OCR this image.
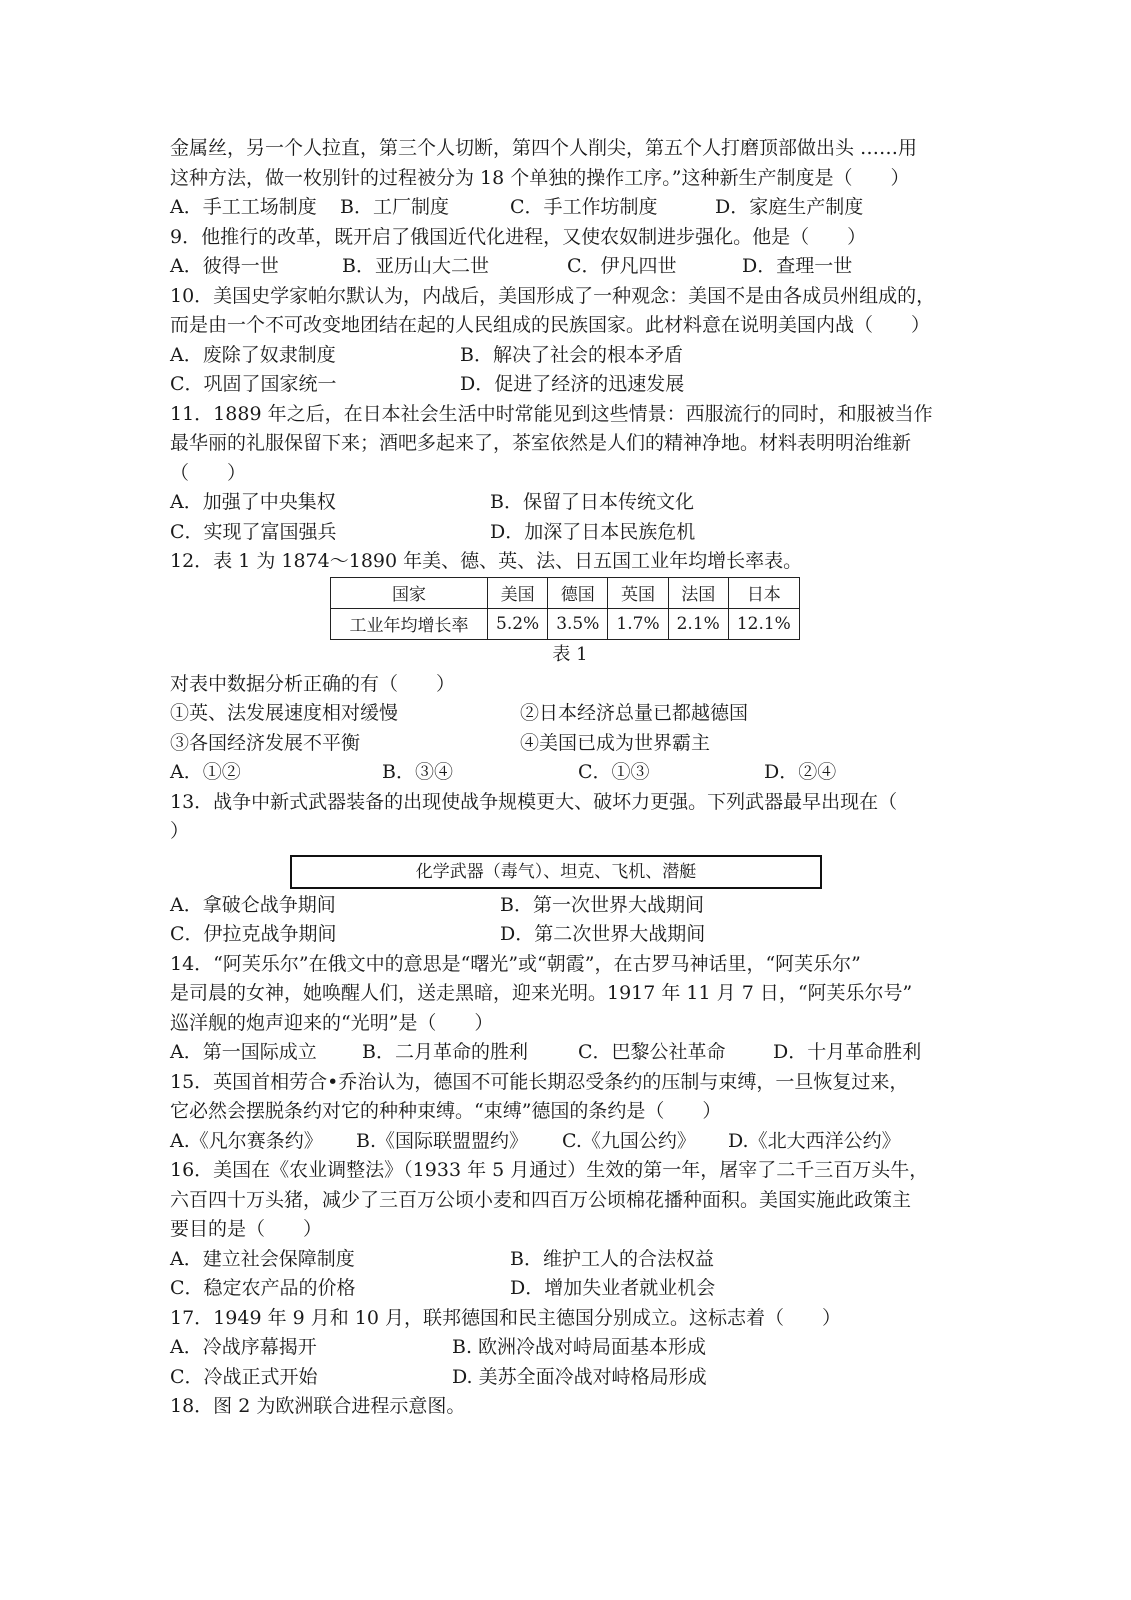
金属丝，另一个人拉直，第三个人切断，第四个人削尖，第五个人打磨顶部做出头 ……用
这种方法，做一枚别针的过程被分为 18 个单独的操作工序。”这种新生产制度是（　　）
A．手工工场制度	B．工厂制度	C．手工作坊制度	D．家庭生产制度
9．他推行的改革，既开启了俄国近代化进程，又使农奴制进步强化。他是（　　）
A．彼得一世	B．亚历山大二世	C．伊凡四世	D．查理一世
10．美国史学家帕尔默认为，内战后，美国形成了一种观念：美国不是由各成员州组成的，
而是由一个不可改变地团结在起的人民组成的民族国家。此材料意在说明美国内战（　　）
A．废除了奴隶制度	B．解决了社会的根本矛盾
C．巩固了国家统一	D．促进了经济的迅速发展
11．1889 年之后，在日本社会生活中时常能见到这些情景：西服流行的同时，和服被当作
最华丽的礼服保留下来；酒吧多起来了，茶室依然是人们的精神净地。材料表明明治维新
（　　）
A．加强了中央集权	B．保留了日本传统文化
C．实现了富国强兵	D．加深了日本民族危机
12．表 1 为 1874～1890 年美、德、英、法、日五国工业年均增长率表。
国家	美国	德国	英国	法国	日本
工业年均增长率	5.2%	3.5%	1.7%	2.1%	12.1%
表 1
对表中数据分析正确的有（　　）
①英、法发展速度相对缓慢	②日本经济总量已都越德国
③各国经济发展不平衡	④美国已成为世界霸主
A．①②	B．③④	C．①③	D．②④
13．战争中新式武器装备的出现使战争规模更大、破坏力更强。下列武器最早出现在（
）
化学武器（毒气）、坦克、飞机、潜艇
A．拿破仑战争期间	B．第一次世界大战期间
C．伊拉克战争期间	D．第二次世界大战期间
14．“阿芙乐尔”在俄文中的意思是“曙光”或“朝霞”，在古罗马神话里，“阿芙乐尔”
是司晨的女神，她唤醒人们，送走黑暗，迎来光明。1917 年 11 月 7 日，“阿芙乐尔号”
巡洋舰的炮声迎来的“光明”是（　　）
A．第一国际成立	B．二月革命的胜利	C．巴黎公社革命	D．十月革命胜利
15．英国首相劳合•乔治认为，德国不可能长期忍受条约的压制与束缚，一旦恢复过来，
它必然会摆脱条约对它的种种束缚。“束缚”德国的条约是（　　）
A.《凡尔赛条约》	B.《国际联盟盟约》	C.《九国公约》	D.《北大西洋公约》
16．美国在《农业调整法》（1933 年 5 月通过）生效的第一年，屠宰了二千三百万头牛，
六百四十万头猪，减少了三百万公顷小麦和四百万公顷棉花播种面积。美国实施此政策主
要目的是（　　）
A．建立社会保障制度	B．维护工人的合法权益
C．稳定农产品的价格	D．增加失业者就业机会
17．1949 年 9 月和 10 月，联邦德国和民主德国分别成立。这标志着（　　）
A．冷战序幕揭开	B. 欧洲冷战对峙局面基本形成
C．冷战正式开始	D. 美苏全面冷战对峙格局形成
18．图 2 为欧洲联合进程示意图。
